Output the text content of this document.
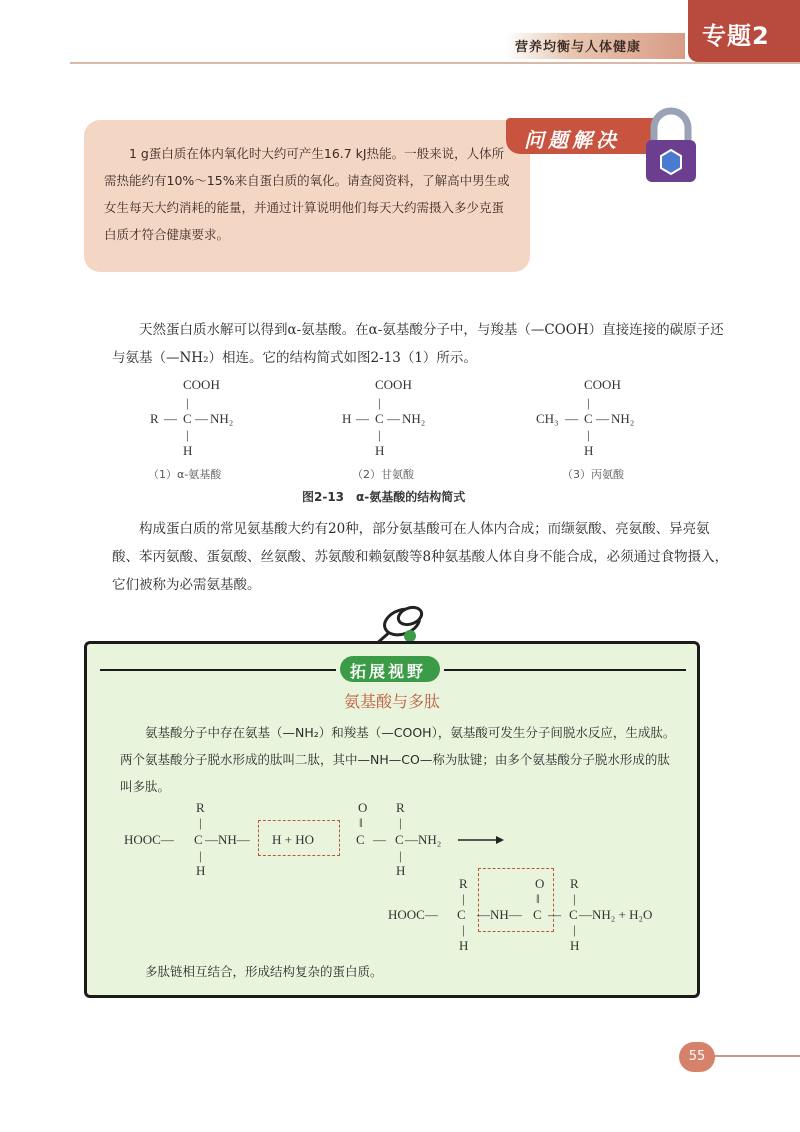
营养均衡与人体健康	专题2
1 g蛋白质在体内氧化时大约可产生16.7 kJ热能。一般来说，人体所需热能约有10%～15%来自蛋白质的氧化。请查阅资料，了解高中男生或女生每天大约消耗的能量，并通过计算说明他们每天大约需摄入多少克蛋白质才符合健康要求。
问题解决
天然蛋白质水解可以得到α-氨基酸。在α-氨基酸分子中，与羧基（—COOH）直接连接的碳原子还与氨基（—NH₂）相连。它的结构简式如图2-13（1）所示。
COOH
|
R — C — NH₂
|
H
（1）α-氨基酸
COOH
|
H — C — NH₂
|
H
（2）甘氨酸
COOH
|
CH₃ — C — NH₂
|
H
（3）丙氨酸
图2-13　α-氨基酸的结构简式
构成蛋白质的常见氨基酸大约有20种，部分氨基酸可在人体内合成；而缬氨酸、亮氨酸、异亮氨酸、苯丙氨酸、蛋氨酸、丝氨酸、苏氨酸和赖氨酸等8种氨基酸人体自身不能合成，必须通过食物摄入，它们被称为必需氨基酸。
拓展视野
氨基酸与多肽
氨基酸分子中存在氨基（—NH₂）和羧基（—COOH），氨基酸可发生分子间脱水反应，生成肽。两个氨基酸分子脱水形成的肽叫二肽，其中—NH—CO—称为肽键；由多个氨基酸分子脱水形成的肽叫多肽。
R
|
HOOC— C —NH—
|
H
H + HO
O
‖
C —
R
|
C —NH₂
|
H
R
|
HOOC— C
|
H
—NH—
O
‖
C —
R
|
C —NH₂ + H₂O
|
H
多肽链相互结合，形成结构复杂的蛋白质。
55
